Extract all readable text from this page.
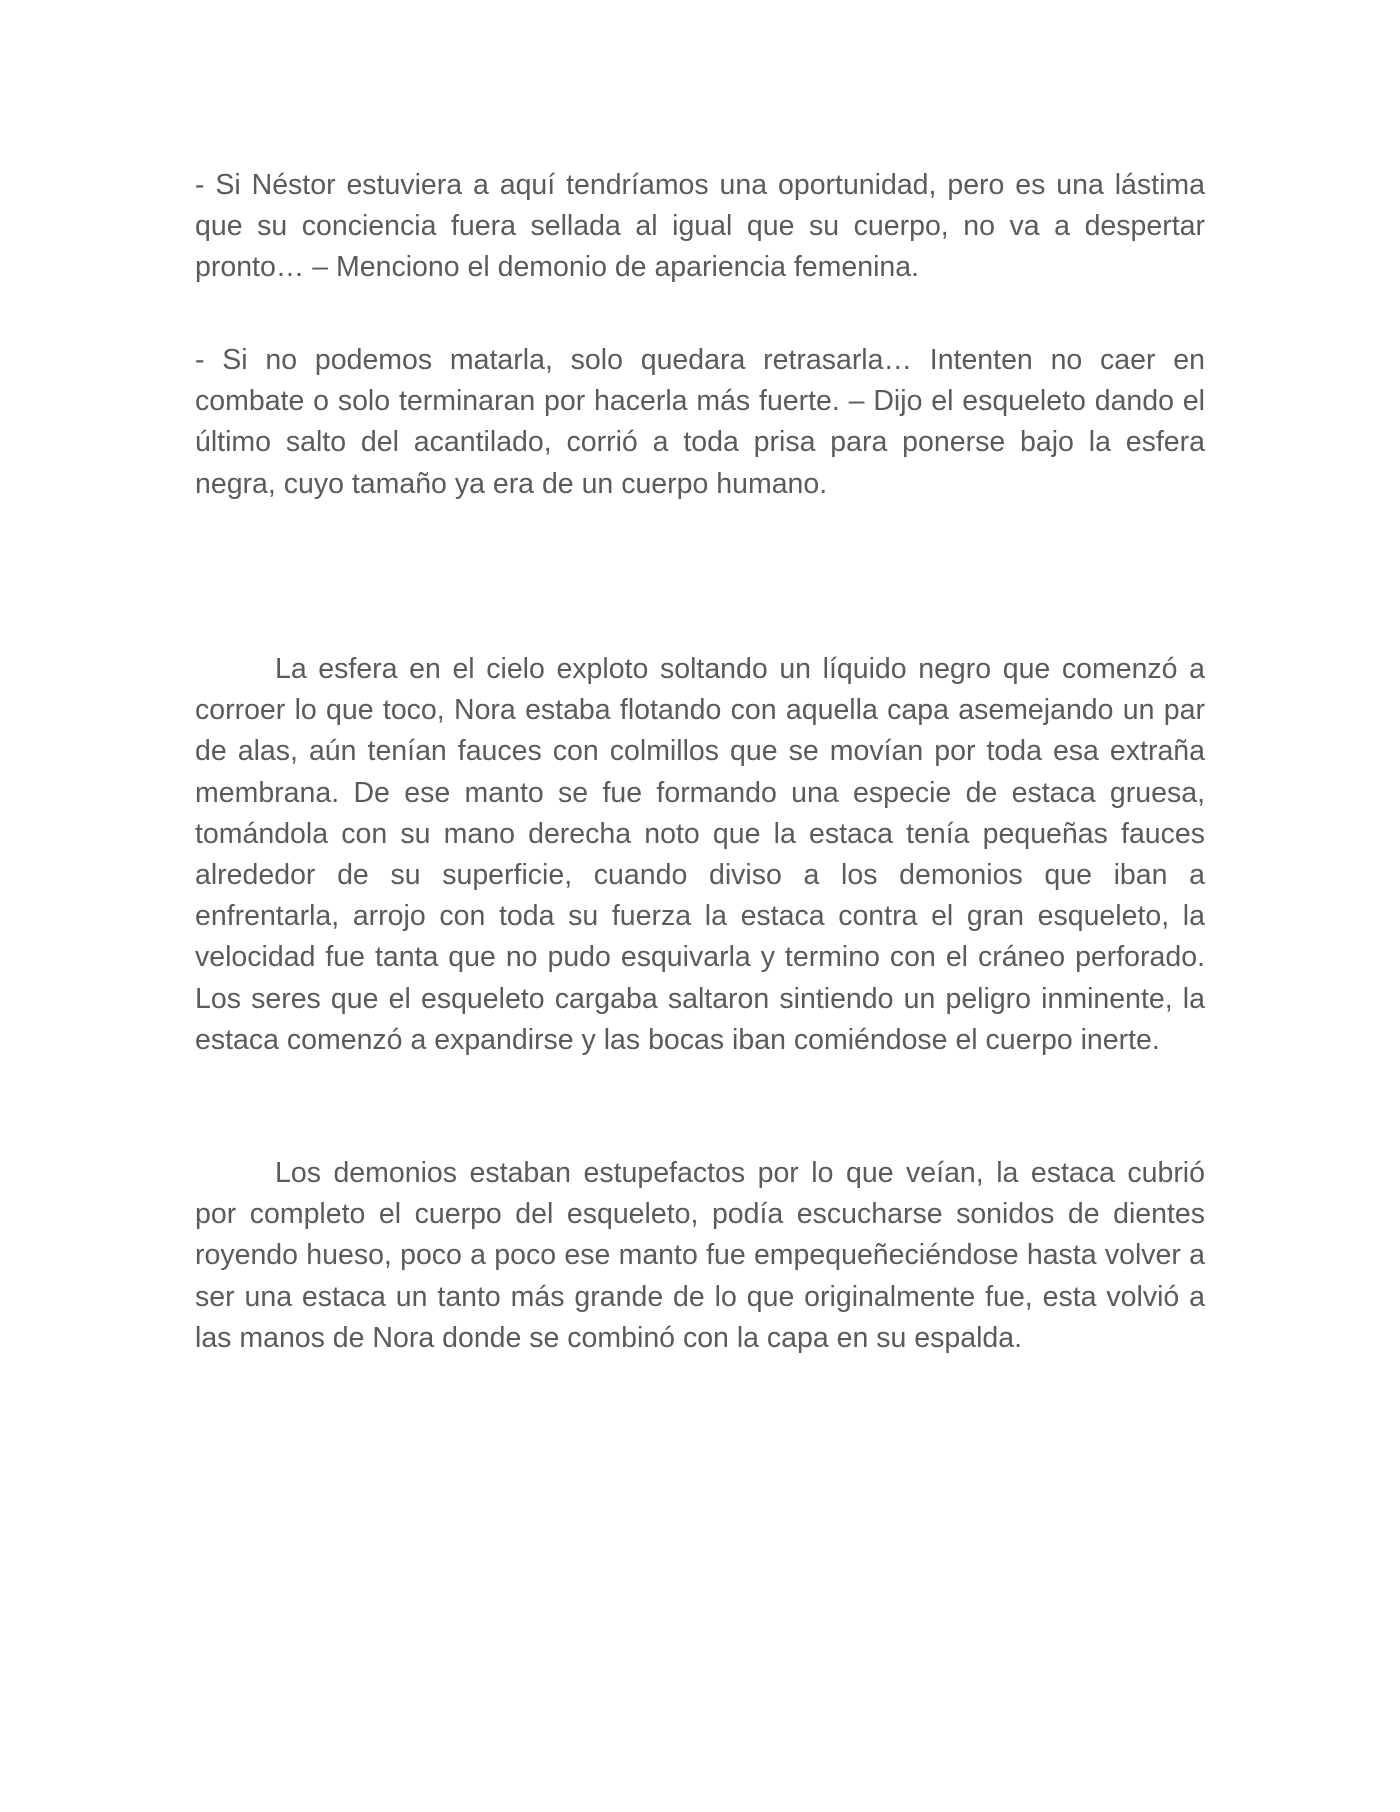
- Si Néstor estuviera a aquí tendríamos una oportunidad, pero es una lástima que su conciencia fuera sellada al igual que su cuerpo, no va a despertar pronto… – Menciono el demonio de apariencia femenina.

- Si no podemos matarla, solo quedara retrasarla… Intenten no caer en combate o solo terminaran por hacerla más fuerte. – Dijo el esqueleto dando el último salto del acantilado, corrió a toda prisa para ponerse bajo la esfera negra, cuyo tamaño ya era de un cuerpo humano.

La esfera en el cielo exploto soltando un líquido negro que comenzó a corroer lo que toco, Nora estaba flotando con aquella capa asemejando un par de alas, aún tenían fauces con colmillos que se movían por toda esa extraña membrana. De ese manto se fue formando una especie de estaca gruesa, tomándola con su mano derecha noto que la estaca tenía pequeñas fauces alrededor de su superficie, cuando diviso a los demonios que iban a enfrentarla, arrojo con toda su fuerza la estaca contra el gran esqueleto, la velocidad fue tanta que no pudo esquivarla y termino con el cráneo perforado. Los seres que el esqueleto cargaba saltaron sintiendo un peligro inminente, la estaca comenzó a expandirse y las bocas iban comiéndose el cuerpo inerte.

Los demonios estaban estupefactos por lo que veían, la estaca cubrió por completo el cuerpo del esqueleto, podía escucharse sonidos de dientes royendo hueso, poco a poco ese manto fue empequeñeciéndose hasta volver a ser una estaca un tanto más grande de lo que originalmente fue, esta volvió a las manos de Nora donde se combinó con la capa en su espalda.
